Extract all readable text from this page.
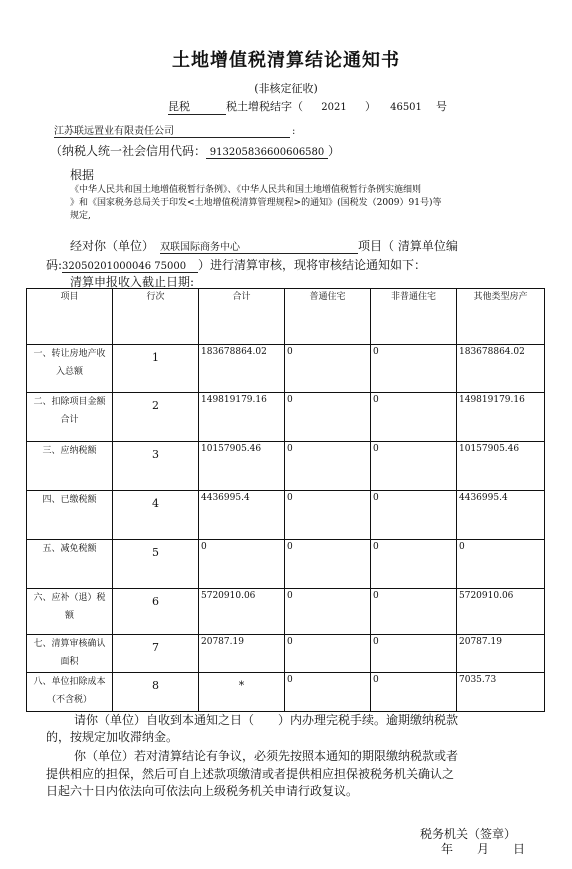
土地增值税清算结论通知书
(非核定征收)
昆税	税土增税结字（ 2021 ） 46501 号
江苏联远置业有限责任公司	:
（纳税人统一社会信用代码： 913205836600606580 ）
根据
《中华人民共和国土地增值税暂行条例》、《中华人民共和国土地增值税暂行条例实施细则
》和《国家税务总局关于印发<土地增值税清算管理规程>的通知》(国税发（2009）91号)等
规定,
经对你（单位） 双联国际商务中心	项目（ 清算单位编
码:32050201000046 75000 ）进行清算审核，现将审核结论通知如下：
清算申报收入截止日期:
项目	行次	合计	普通住宅	非普通住宅	其他类型房产

一、转让房地产收入总额	1	183678864.02	0	0	183678864.02

二、扣除项目金额合计	2	149819179.16	0	0	149819179.16

三、应纳税额	3	10157905.46	0	0	10157905.46

四、已缴税额	4	4436995.4	0	0	4436995.4

五、减免税额	5	0	0	0	0

六、应补（退）税额	6	5720910.06	0	0	5720910.06

七、清算审核确认面积	7	20787.19	0	0	20787.19

八、单位扣除成本（不含税）	8	*	0	0	7035.73
请你（单位）自收到本通知之日（　　）内办理完税手续。逾期缴纳税款
的，按规定加收滞纳金。
你（单位）若对清算结论有争议，必须先按照本通知的期限缴纳税款或者
提供相应的担保，然后可自上述款项缴清或者提供相应担保被税务机关确认之
日起六十日内依法向可依法向上级税务机关申请行政复议。
税务机关（签章）
年　　月　　日
